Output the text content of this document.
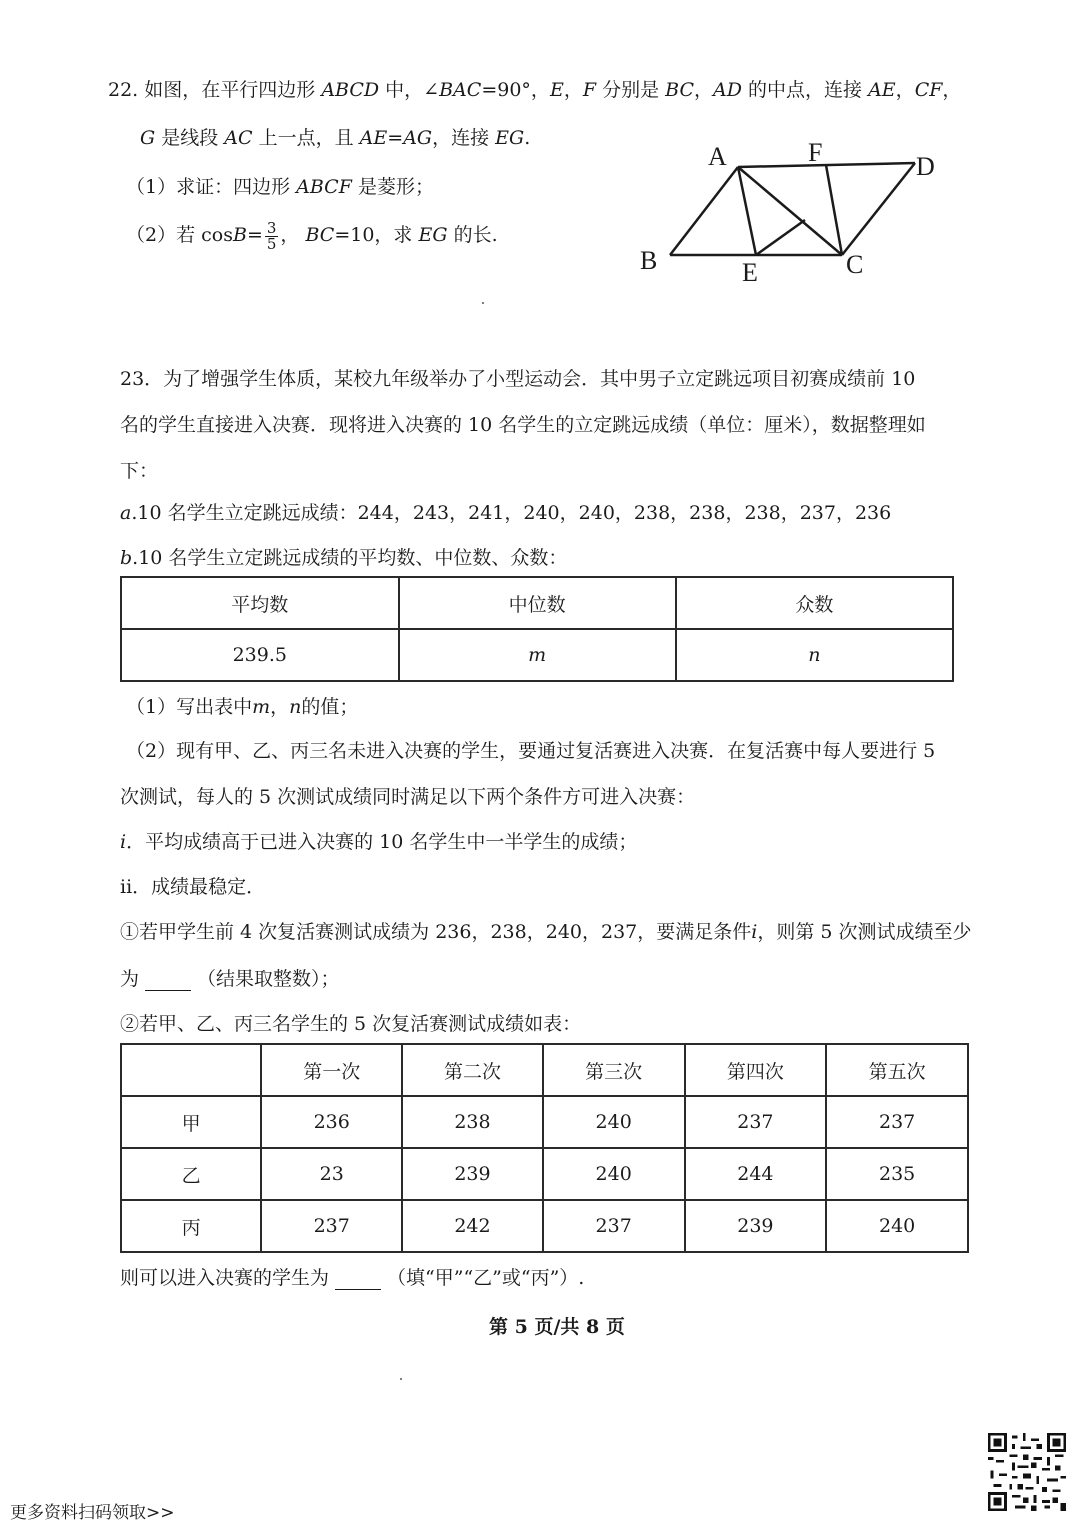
22. 如图，在平行四边形 ABCD 中，∠BAC=90°，E，F 分别是 BC，AD 的中点，连接 AE，CF，
G 是线段 AC 上一点，且 AE=AG，连接 EG.
（1）求证：四边形 ABCF 是菱形；
（2）若 $\cos B= \frac{3}{5}$ ， BC=10，求 EG 的长.
A	F	D
B	E	C
23．为了增强学生体质，某校九年级举办了小型运动会．其中男子立定跳远项目初赛成绩前 10
名的学生直接进入决赛．现将进入决赛的 10 名学生的立定跳远成绩（单位：厘米），数据整理如
下：
a.10 名学生立定跳远成绩：244，243，241，240，240，238，238，238，237，236
b.10 名学生立定跳远成绩的平均数、中位数、众数：
平均数	中位数	众数
239.5	m	n
（1）写出表中m，n的值；
（2）现有甲、乙、丙三名未进入决赛的学生，要通过复活赛进入决赛．在复活赛中每人要进行 5
次测试，每人的 5 次测试成绩同时满足以下两个条件方可进入决赛：
i．平均成绩高于已进入决赛的 10 名学生中一半学生的成绩；
ii．成绩最稳定．
①若甲学生前 4 次复活赛测试成绩为 236，238，240，237，要满足条件i，则第 5 次测试成绩至少
为	（结果取整数）；
②若甲、乙、丙三名学生的 5 次复活赛测试成绩如表：
	第一次	第二次	第三次	第四次	第五次
甲	236	238	240	237	237
乙	23	239	240	244	235
丙	237	242	237	239	240
则可以进入决赛的学生为	（填“甲”“乙”或“丙”）.
第 5 页/共 8 页
更多资料扫码领取>>
